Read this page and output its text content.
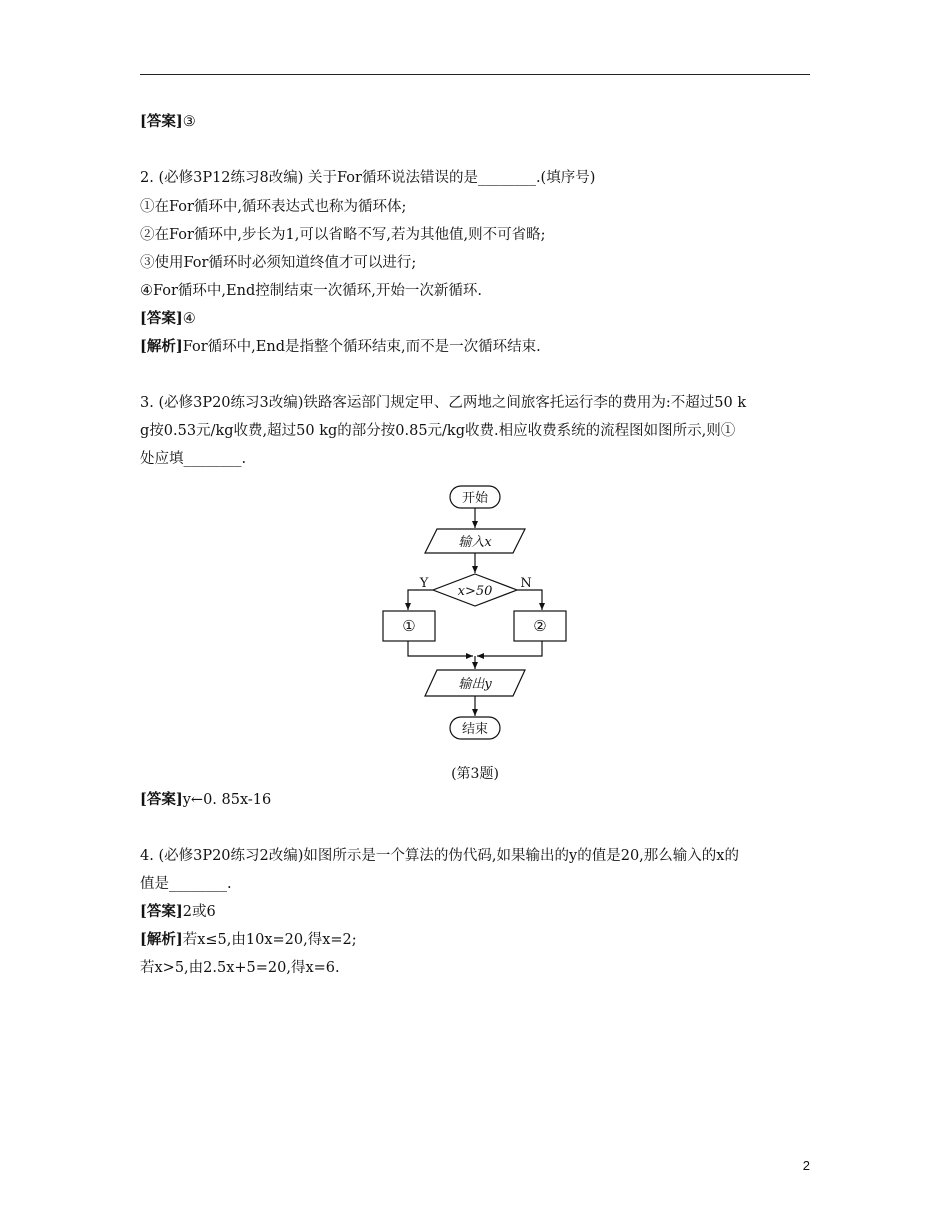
[答案]③
2. (必修3P12练习8改编) 关于For循环说法错误的是________.(填序号)
①在For循环中,循环表达式也称为循环体;
②在For循环中,步长为1,可以省略不写,若为其他值,则不可省略;
③使用For循环时必须知道终值才可以进行;
④For循环中,End控制结束一次循环,开始一次新循环.
[答案]④
[解析]For循环中,End是指整个循环结束,而不是一次循环结束.
3. (必修3P20练习3改编)铁路客运部门规定甲、乙两地之间旅客托运行李的费用为:不超过50 k
g按0.53元/kg收费,超过50 kg的部分按0.85元/kg收费.相应收费系统的流程图如图所示,则①
处应填________.
开始
输入x
x>50
Y	N
①	②
输出y
结束
(第3题)
[答案]y←0. 85x-16
4. (必修3P20练习2改编)如图所示是一个算法的伪代码,如果输出的y的值是20,那么输入的x的
值是________.
[答案]2或6
[解析]若x≤5,由10x=20,得x=2;
若x>5,由2.5x+5=20,得x=6.
2
